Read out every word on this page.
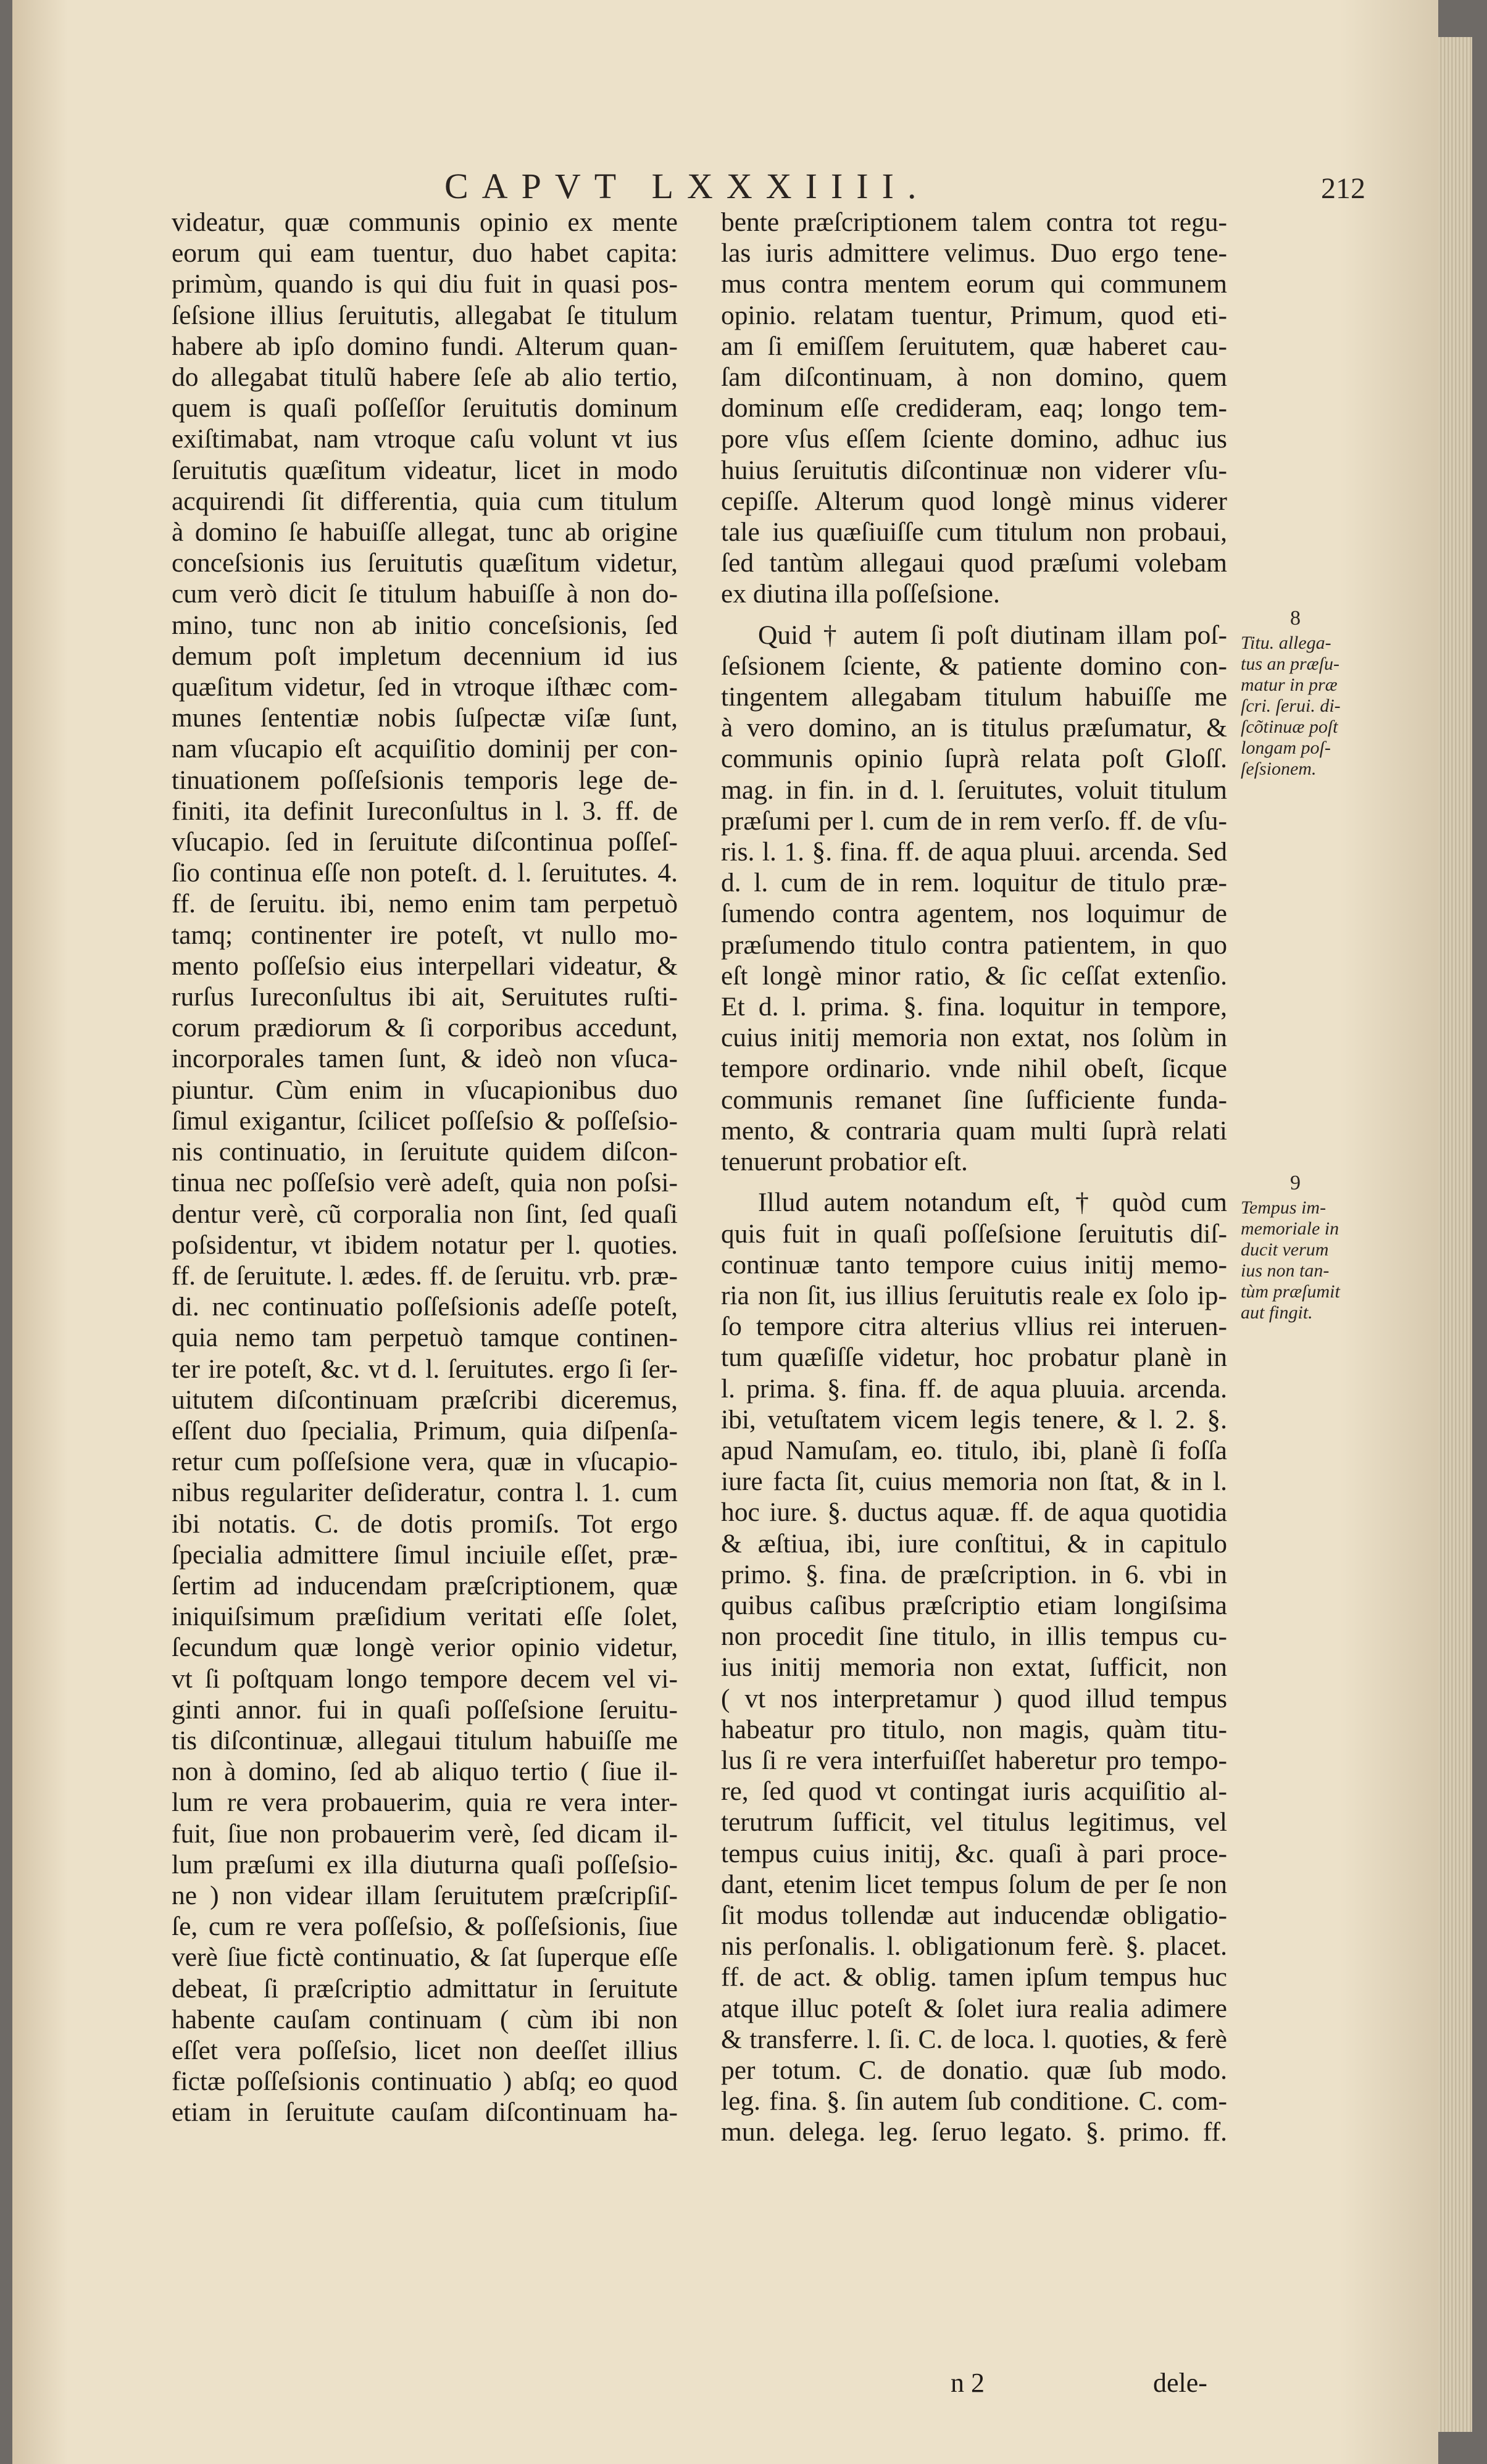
CAPVT LXXXIIII.	212
videatur, quæ communis opinio ex mente
eorum qui eam tuentur, duo habet capita:
primùm, quando is qui diu fuit in quasi pos-
ſeſsione illius ſeruitutis, allegabat ſe titulum
habere ab ipſo domino fundi. Alterum quan-
do allegabat titulũ habere ſeſe ab alio tertio,
quem is quaſi poſſeſſor ſeruitutis dominum
exiſtimabat, nam vtroque caſu volunt vt ius
ſeruitutis quæſitum videatur, licet in modo
acquirendi ſit differentia, quia cum titulum
à domino ſe habuiſſe allegat, tunc ab origine
conceſsionis ius ſeruitutis quæſitum videtur,
cum verò dicit ſe titulum habuiſſe à non do-
mino, tunc non ab initio conceſsionis, ſed
demum poſt impletum decennium id ius
quæſitum videtur, ſed in vtroque iſthæc com-
munes ſententiæ nobis ſuſpectæ viſæ ſunt,
nam vſucapio eſt acquiſitio dominij per con-
tinuationem poſſeſsionis temporis lege de-
finiti, ita definit Iureconſultus in l. 3. ff. de
vſucapio. ſed in ſeruitute diſcontinua poſſeſ-
ſio continua eſſe non poteſt. d. l. ſeruitutes. 4.
ff. de ſeruitu. ibi, nemo enim tam perpetuò
tamq; continenter ire poteſt, vt nullo mo-
mento poſſeſsio eius interpellari videatur, &
rurſus Iureconſultus ibi ait, Seruitutes ruſti-
corum prædiorum & ſi corporibus accedunt,
incorporales tamen ſunt, & ideò non vſuca-
piuntur. Cùm enim in vſucapionibus duo
ſimul exigantur, ſcilicet poſſeſsio & poſſeſsio-
nis continuatio, in ſeruitute quidem diſcon-
tinua nec poſſeſsio verè adeſt, quia non poſsi-
dentur verè, cũ corporalia non ſint, ſed quaſi
poſsidentur, vt ibidem notatur per l. quoties.
ff. de ſeruitute. l. ædes. ff. de ſeruitu. vrb. præ-
di. nec continuatio poſſeſsionis adeſſe poteſt,
quia nemo tam perpetuò tamque continen-
ter ire poteſt, &c. vt d. l. ſeruitutes. ergo ſi ſer-
uitutem diſcontinuam præſcribi diceremus,
eſſent duo ſpecialia, Primum, quia diſpenſa-
retur cum poſſeſsione vera, quæ in vſucapio-
nibus regulariter deſideratur, contra l. 1. cum
ibi notatis. C. de dotis promiſs. Tot ergo
ſpecialia admittere ſimul inciuile eſſet, præ-
ſertim ad inducendam præſcriptionem, quæ
iniquiſsimum præſidium veritati eſſe ſolet,
ſecundum quæ longè verior opinio videtur,
vt ſi poſtquam longo tempore decem vel vi-
ginti annor. fui in quaſi poſſeſsione ſeruitu-
tis diſcontinuæ, allegaui titulum habuiſſe me
non à domino, ſed ab aliquo tertio ( ſiue il-
lum re vera probauerim, quia re vera inter-
fuit, ſiue non probauerim verè, ſed dicam il-
lum præſumi ex illa diuturna quaſi poſſeſsio-
ne ) non videar illam ſeruitutem præſcripſiſ-
ſe, cum re vera poſſeſsio, & poſſeſsionis, ſiue
verè ſiue fictè continuatio, & ſat ſuperque eſſe
debeat, ſi præſcriptio admittatur in ſeruitute
habente cauſam continuam ( cùm ibi non
eſſet vera poſſeſsio, licet non deeſſet illius
fictæ poſſeſsionis continuatio ) abſq; eo quod
etiam in ſeruitute cauſam diſcontinuam ha-
bente præſcriptionem talem contra tot regu-
las iuris admittere velimus. Duo ergo tene-
mus contra mentem eorum qui communem
opinio. relatam tuentur, Primum, quod eti-
am ſi emiſſem ſeruitutem, quæ haberet cau-
ſam diſcontinuam, à non domino, quem
dominum eſſe credideram, eaq; longo tem-
pore vſus eſſem ſciente domino, adhuc ius
huius ſeruitutis diſcontinuæ non viderer vſu-
cepiſſe. Alterum quod longè minus viderer
tale ius quæſiuiſſe cum titulum non probaui,
ſed tantùm allegaui quod præſumi volebam
ex diutina illa poſſeſsione.
Quid † autem ſi poſt diutinam illam poſ-
ſeſsionem ſciente, & patiente domino con-
tingentem allegabam titulum habuiſſe me
à vero domino, an is titulus præſumatur, &
communis opinio ſuprà relata poſt Gloſſ.
mag. in fin. in d. l. ſeruitutes, voluit titulum
præſumi per l. cum de in rem verſo. ff. de vſu-
ris. l. 1. §. fina. ff. de aqua pluui. arcenda. Sed
d. l. cum de in rem. loquitur de titulo præ-
ſumendo contra agentem, nos loquimur de
præſumendo titulo contra patientem, in quo
eſt longè minor ratio, & ſic ceſſat extenſio.
Et d. l. prima. §. fina. loquitur in tempore,
cuius initij memoria non extat, nos ſolùm in
tempore ordinario. vnde nihil obeſt, ſicque
communis remanet ſine ſufficiente funda-
mento, & contraria quam multi ſuprà relati
tenuerunt probatior eſt.
Illud autem notandum eſt, † quòd cum
quis fuit in quaſi poſſeſsione ſeruitutis diſ-
continuæ tanto tempore cuius initij memo-
ria non ſit, ius illius ſeruitutis reale ex ſolo ip-
ſo tempore citra alterius vllius rei interuen-
tum quæſiſſe videtur, hoc probatur planè in
l. prima. §. fina. ff. de aqua pluuia. arcenda.
ibi, vetuſtatem vicem legis tenere, & l. 2. §.
apud Namuſam, eo. titulo, ibi, planè ſi foſſa
iure facta ſit, cuius memoria non ſtat, & in l.
hoc iure. §. ductus aquæ. ff. de aqua quotidia
& æſtiua, ibi, iure conſtitui, & in capitulo
primo. §. fina. de præſcription. in 6. vbi in
quibus caſibus præſcriptio etiam longiſsima
non procedit ſine titulo, in illis tempus cu-
ius initij memoria non extat, ſufficit, non
( vt nos interpretamur ) quod illud tempus
habeatur pro titulo, non magis, quàm titu-
lus ſi re vera interfuiſſet haberetur pro tempo-
re, ſed quod vt contingat iuris acquiſitio al-
terutrum ſufficit, vel titulus legitimus, vel
tempus cuius initij, &c. quaſi à pari proce-
dant, etenim licet tempus ſolum de per ſe non
ſit modus tollendæ aut inducendæ obligatio-
nis perſonalis. l. obligationum ferè. §. placet.
ff. de act. & oblig. tamen ipſum tempus huc
atque illuc poteſt & ſolet iura realia adimere
& transferre. l. ſi. C. de loca. l. quoties, & ferè
per totum. C. de donatio. quæ ſub modo.
leg. fina. §. ſin autem ſub conditione. C. com-
mun. delega. leg. ſeruo legato. §. primo. ff.
8
Titu. allega-
tus an præſu-
matur in præ
ſcri. ſerui. di-
ſcõtinuæ poſt
longam poſ-
ſeſsionem.
9
Tempus im-
memoriale in
ducit verum
ius non tan-
tùm præſumit
aut fingit.
n 2	dele-
